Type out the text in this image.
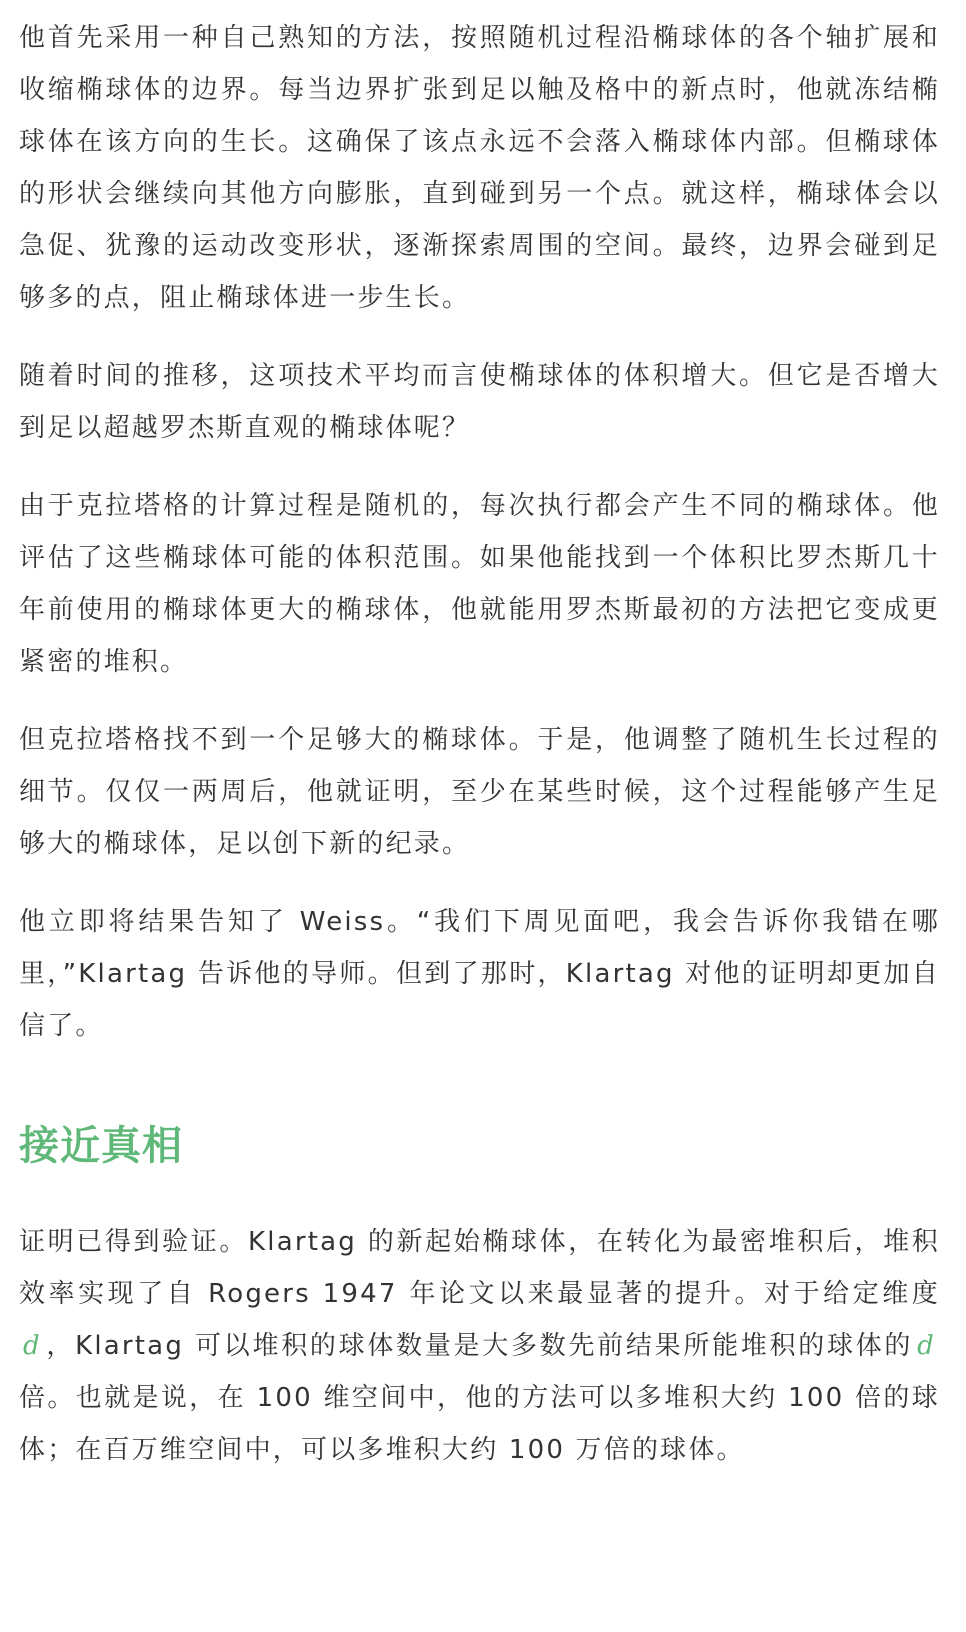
他首先采用一种自己熟知的方法，按照随机过程沿椭球体的各个轴扩展和收缩椭球体的边界。每当边界扩张到足以触及格中的新点时，他就冻结椭球体在该方向的生长。这确保了该点永远不会落入椭球体内部。但椭球体的形状会继续向其他方向膨胀，直到碰到另一个点。就这样，椭球体会以急促、犹豫的运动改变形状，逐渐探索周围的空间。最终，边界会碰到足够多的点，阻止椭球体进一步生长。

随着时间的推移，这项技术平均而言使椭球体的体积增大。但它是否增大到足以超越罗杰斯直观的椭球体呢？

由于克拉塔格的计算过程是随机的，每次执行都会产生不同的椭球体。他评估了这些椭球体可能的体积范围。如果他能找到一个体积比罗杰斯几十年前使用的椭球体更大的椭球体，他就能用罗杰斯最初的方法把它变成更紧密的堆积。

但克拉塔格找不到一个足够大的椭球体。于是，他调整了随机生长过程的细节。仅仅一两周后，他就证明，至少在某些时候，这个过程能够产生足够大的椭球体，足以创下新的纪录。

他立即将结果告知了 Weiss。“我们下周见面吧，我会告诉你我错在哪里，”Klartag 告诉他的导师。但到了那时，Klartag 对他的证明却更加自信了。

接近真相

证明已得到验证。Klartag 的新起始椭球体，在转化为最密堆积后，堆积效率实现了自 Rogers 1947 年论文以来最显著的提升。对于给定维度d ，Klartag 可以堆积的球体数量是大多数先前结果所能堆积的球体的 d倍。也就是说，在 100 维空间中，他的方法可以多堆积大约 100 倍的球体；在百万维空间中，可以多堆积大约 100 万倍的球体。
